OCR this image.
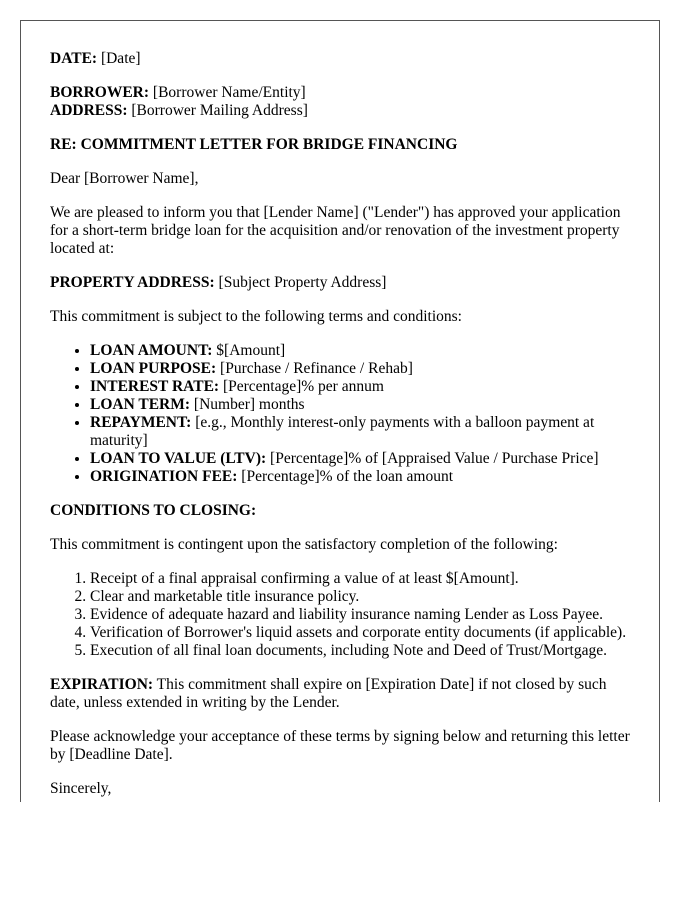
DATE: [Date]

BORROWER: [Borrower Name/Entity]

ADDRESS: [Borrower Mailing Address]

RE: COMMITMENT LETTER FOR BRIDGE FINANCING

Dear [Borrower Name],

We are pleased to inform you that [Lender Name] ("Lender") has approved your application for a short-term bridge loan for the acquisition and/or renovation of the investment property located at:

PROPERTY ADDRESS: [Subject Property Address]

This commitment is subject to the following terms and conditions:

• LOAN AMOUNT: $[Amount]
• LOAN PURPOSE: [Purchase / Refinance / Rehab]
• INTEREST RATE: [Percentage]% per annum
• LOAN TERM: [Number] months
• REPAYMENT: [e.g., Monthly interest-only payments with a balloon payment at maturity]
• LOAN TO VALUE (LTV): [Percentage]% of [Appraised Value / Purchase Price]
• ORIGINATION FEE: [Percentage]% of the loan amount

CONDITIONS TO CLOSING:

This commitment is contingent upon the satisfactory completion of the following:

1. Receipt of a final appraisal confirming a value of at least $[Amount].
2. Clear and marketable title insurance policy.
3. Evidence of adequate hazard and liability insurance naming Lender as Loss Payee.
4. Verification of Borrower's liquid assets and corporate entity documents (if applicable).
5. Execution of all final loan documents, including Note and Deed of Trust/Mortgage.

EXPIRATION: This commitment shall expire on [Expiration Date] if not closed by such date, unless extended in writing by the Lender.

Please acknowledge your acceptance of these terms by signing below and returning this letter by [Deadline Date].

Sincerely,
